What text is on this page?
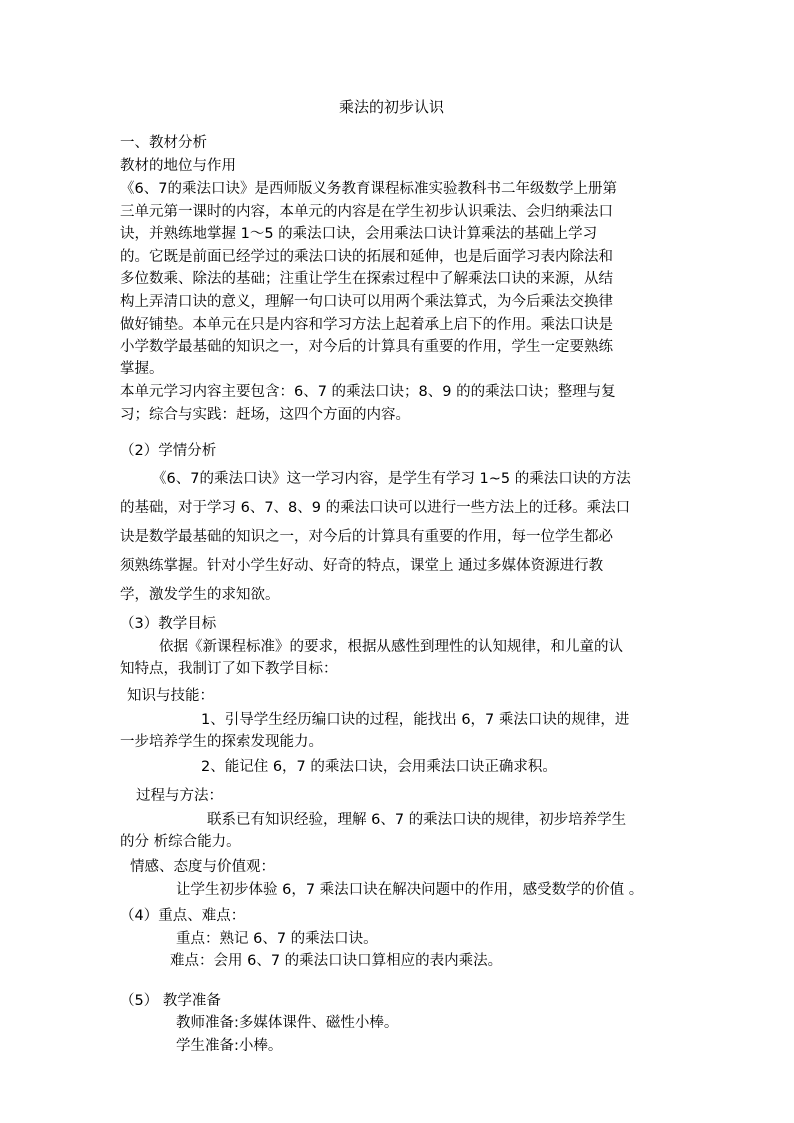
乘法的初步认识
一、教材分析
教材的地位与作用
《6、7的乘法口诀》是西师版义务教育课程标准实验教科书二年级数学上册第
三单元第一课时的内容，本单元的内容是在学生初步认识乘法、会归纳乘法口
诀，并熟练地掌握 1～5 的乘法口诀，会用乘法口诀计算乘法的基础上学习
的。它既是前面已经学过的乘法口诀的拓展和延伸，也是后面学习表内除法和
多位数乘、除法的基础；注重让学生在探索过程中了解乘法口诀的来源，从结
构上弄清口诀的意义，理解一句口诀可以用两个乘法算式，为今后乘法交换律
做好铺垫。本单元在只是内容和学习方法上起着承上启下的作用。乘法口诀是
小学数学最基础的知识之一，对今后的计算具有重要的作用，学生一定要熟练
掌握。
本单元学习内容主要包含：6、7 的乘法口诀；8、9 的的乘法口诀；整理与复
习；综合与实践：赶场，这四个方面的内容。
（2）学情分析
《6、7的乘法口诀》这一学习内容，是学生有学习 1~5 的乘法口诀的方法
的基础，对于学习 6、7、8、9 的乘法口诀可以进行一些方法上的迁移。乘法口
诀是数学最基础的知识之一，对今后的计算具有重要的作用，每一位学生都必
须熟练掌握。针对小学生好动、好奇的特点，课堂上 通过多媒体资源进行教
学，激发学生的求知欲。
（3）教学目标
依据《新课程标准》的要求，根据从感性到理性的认知规律，和儿童的认
知特点，我制订了如下教学目标：
知识与技能：
1、引导学生经历编口诀的过程，能找出 6，7 乘法口诀的规律，进
一步培养学生的探索发现能力。
2、能记住 6，7 的乘法口诀，会用乘法口诀正确求积。
过程与方法：
联系已有知识经验，理解 6、7 的乘法口诀的规律，初步培养学生
的分 析综合能力。
情感、态度与价值观：
让学生初步体验 6，7 乘法口诀在解决问题中的作用，感受数学的价值 。
（4）重点、难点：
重点：熟记 6、7 的乘法口诀。
难点：会用 6、7 的乘法口诀口算相应的表内乘法。
（5） 教学准备
教师准备:多媒体课件、磁性小棒。
学生准备:小棒。
